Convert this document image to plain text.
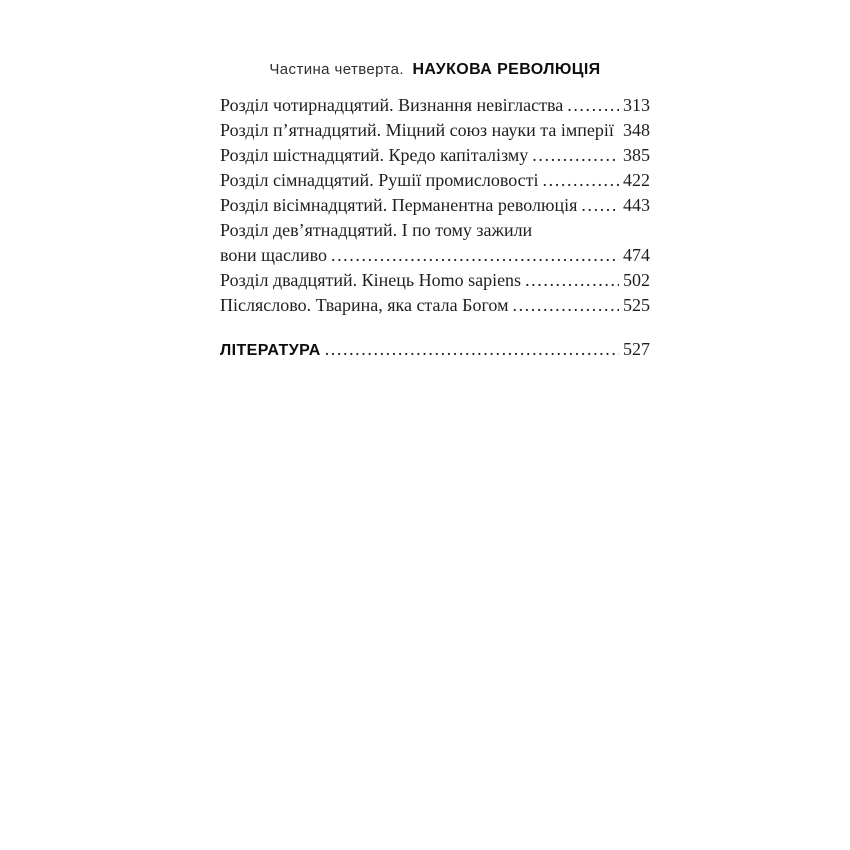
Частина четверта. НАУКОВА РЕВОЛЮЦІЯ
Розділ чотирнадцятий. Визнання невігластва .....	313
Розділ п’ятнадцятий. Міцний союз науки та імперії ..... 348
Розділ шістнадцятий. Кредо капіталізму .....	385
Розділ сімнадцятий. Рушії промисловості .....	422
Розділ вісімнадцятий. Перманентна революція .....	443
Розділ дев’ятнадцятий. І по тому зажили
вони щасливо .....	474
Розділ двадцятий. Кінець Homo sapiens .....	502
Післяслово. Тварина, яка стала Богом .....	525
ЛІТЕРАТУРА .....	527
